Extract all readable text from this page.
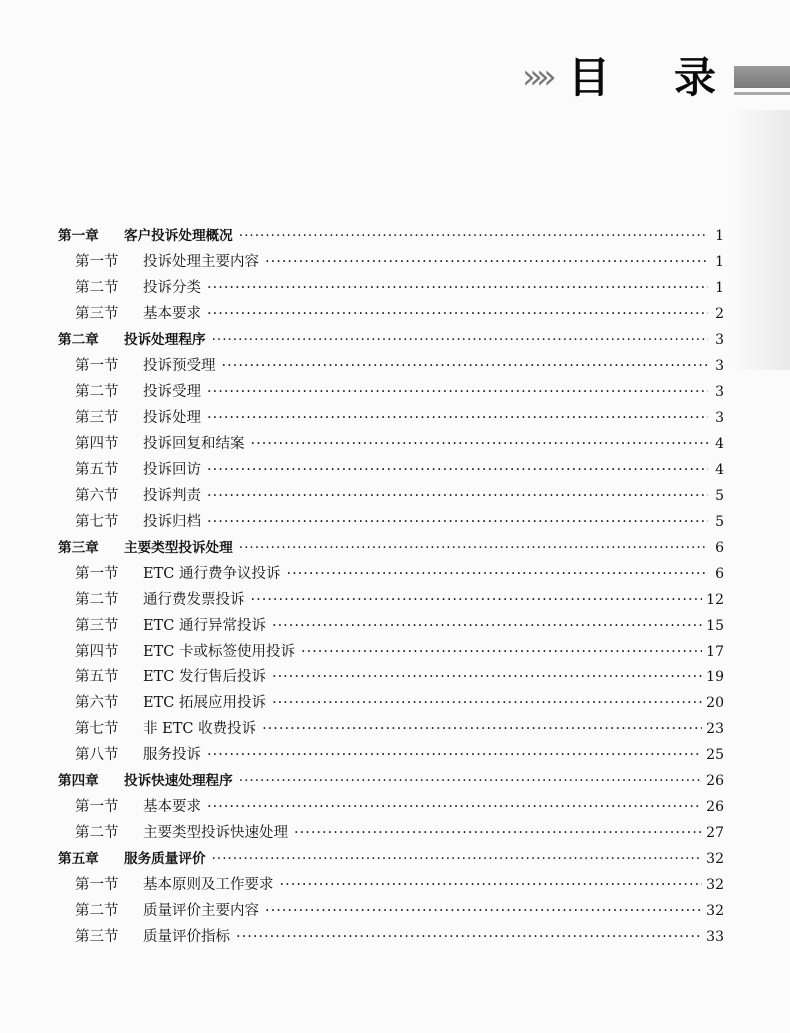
» » 目 录
第一章	客户投诉处理概况 ·····	1
第一节	投诉处理主要内容 ·····	1
第二节	投诉分类 ·····	1
第三节	基本要求 ·····	2
第二章	投诉处理程序 ·····	3
第一节	投诉预受理 ·····	3
第二节	投诉受理 ·····	3
第三节	投诉处理 ·····	3
第四节	投诉回复和结案 ·····	4
第五节	投诉回访 ·····	4
第六节	投诉判责 ·····	5
第七节	投诉归档 ·····	5
第三章	主要类型投诉处理 ·····	6
第一节	ETC 通行费争议投诉 ·····	6
第二节	通行费发票投诉 ·····	12
第三节	ETC 通行异常投诉 ·····	15
第四节	ETC 卡或标签使用投诉 ·····	17
第五节	ETC 发行售后投诉 ·····	19
第六节	ETC 拓展应用投诉 ·····	20
第七节	非 ETC 收费投诉 ·····	23
第八节	服务投诉 ·····	25
第四章	投诉快速处理程序 ·····	26
第一节	基本要求 ·····	26
第二节	主要类型投诉快速处理 ·····	27
第五章	服务质量评价 ·····	32
第一节	基本原则及工作要求 ·····	32
第二节	质量评价主要内容 ·····	32
第三节	质量评价指标 ·····	33
